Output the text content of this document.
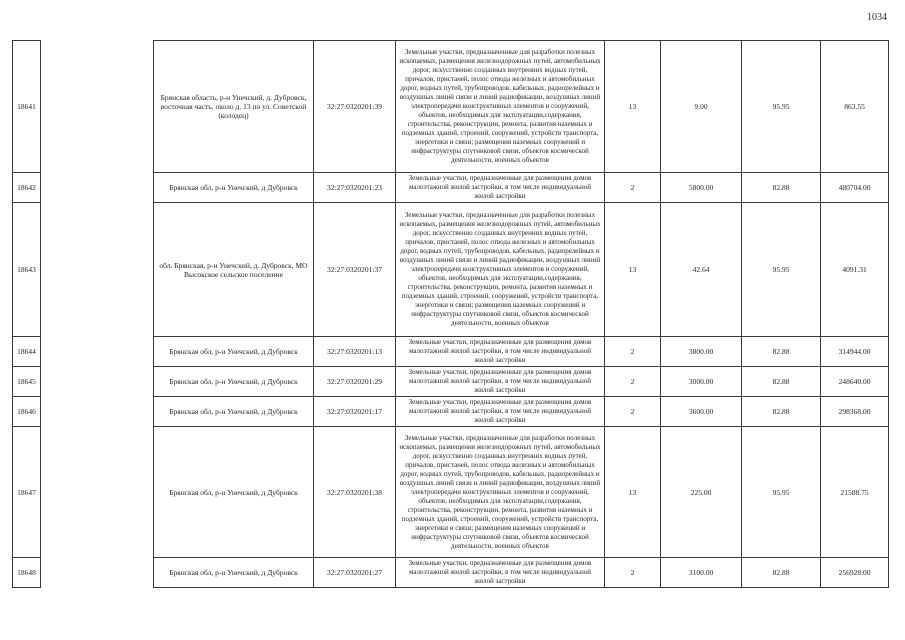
1034
18641		Брянская область, р-н Унечский, д. Дубровск, восточная часть, около д. 13 по ул. Советской (колодец)	32:27:0320201:39	Земельные участки, предназначенные для разработки полезных ископаемых, размещения железнодорожных путей, автомобильных дорог, искусственно созданных внутренних водных путей, причалов, пристаней, полос отвода железных и автомобильных дорог, водных путей, трубопроводов, кабельных, радиорелейных и воздушных линий связи и линий радиофикации, воздушных линий электропередачи конструктивных элементов и сооружений, объектов, необходимых для эксплуатации,содержания, строительства, реконструкции, ремонта, развития наземных и подземных зданий, строений, сооружений, устройств транспорта, энергетики и связи; размещения наземных сооружений и инфраструктуры спутниковой связи, объектов космической деятельности, военных объектов	13	9.00	95.95	863.55
18642		Брянская обл, р-н Унечский, д Дубровск	32:27:0320201:23	Земельные участки, предназначенные для размещения домов малоэтажной жилой застройки, в том числе индивидуальной жилой застройки	2	5800.00	82.88	480704.00
18643		обл. Брянская, р-н Унечский, д. Дубровск, МО Высокское сельское поселение	32:27:0320201:37	Земельные участки, предназначенные для разработки полезных ископаемых, размещения железнодорожных путей, автомобильных дорог, искусственно созданных внутренних водных путей, причалов, пристаней, полос отвода железных и автомобильных дорог, водных путей, трубопроводов, кабельных, радиорелейных и воздушных линий связи и линий радиофикации, воздушных линий электропередачи конструктивных элементов и сооружений, объектов, необходимых для эксплуатации,содержания, строительства, реконструкции, ремонта, развития наземных и подземных зданий, строений, сооружений, устройств транспорта, энергетики и связи; размещения наземных сооружений и инфраструктуры спутниковой связи, объектов космической деятельности, военных объектов	13	42.64	95.95	4091.31
18644		Брянская обл, р-н Унечский, д Дубровск	32:27:0320201:13	Земельные участки, предназначенные для размещения домов малоэтажной жилой застройки, в том числе индивидуальной жилой застройки	2	3800.00	82.88	314944.00
18645		Брянская обл, р-н Унечский, д Дубровск	32:27:0320201:29	Земельные участки, предназначенные для размещения домов малоэтажной жилой застройки, в том числе индивидуальной жилой застройки	2	3000.00	82.88	248640.00
18646		Брянская обл, р-н Унечский, д Дубровск	32:27:0320201:17	Земельные участки, предназначенные для размещения домов малоэтажной жилой застройки, в том числе индивидуальной жилой застройки	2	3600.00	82.88	298368.00
18647		Брянская обл, р-н Унечский, д Дубровск	32:27:0320201:38	Земельные участки, предназначенные для разработки полезных ископаемых, размещения железнодорожных путей, автомобильных дорог, искусственно созданных внутренних водных путей, причалов, пристаней, полос отвода железных и автомобильных дорог, водных путей, трубопроводов, кабельных, радиорелейных и воздушных линий связи и линий радиофикации, воздушных линий электропередачи конструктивных элементов и сооружений, объектов, необходимых для эксплуатации,содержания, строительства, реконструкции, ремонта, развития наземных и подземных зданий, строений, сооружений, устройств транспорта, энергетики и связи; размещения наземных сооружений и инфраструктуры спутниковой связи, объектов космической деятельности, военных объектов	13	225.00	95.95	21588.75
18648		Брянская обл, р-н Унечский, д Дубровск	32:27:0320201:27	Земельные участки, предназначенные для размещения домов малоэтажной жилой застройки, в том числе индивидуальной жилой застройки	2	3100.00	82.88	256928.00
